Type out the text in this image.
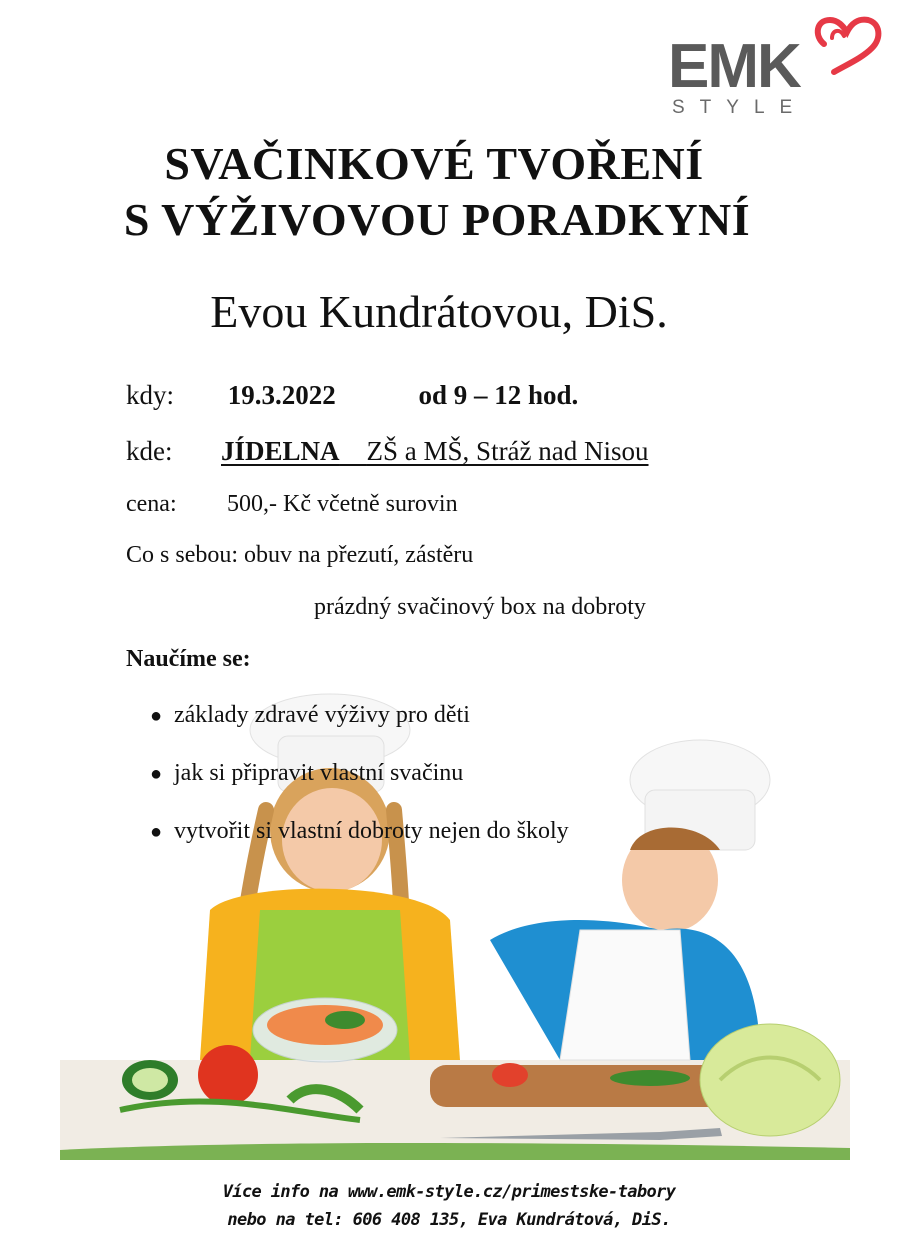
EMK
STYLE
SVAČINKOVÉ TVOŘENÍ
S VÝŽIVOVOU PORADKYNÍ
Evou Kundrátovou, DiS.
kdy: 19.3.2022	od 9 – 12 hod.
kde: JÍDELNA ZŠ a MŠ, Stráž nad Nisou
cena: 500,- Kč včetně surovin
Co s sebou: obuv na přezutí, zástěru
prázdný svačinový box na dobroty
Naučíme se:
● základy zdravé výživy pro děti
● jak si připravit vlastní svačinu
● vytvořit si vlastní dobroty nejen do školy
Více info na www.emk-style.cz/primestske-tabory
nebo na tel: 606 408 135, Eva Kundrátová, DiS.
